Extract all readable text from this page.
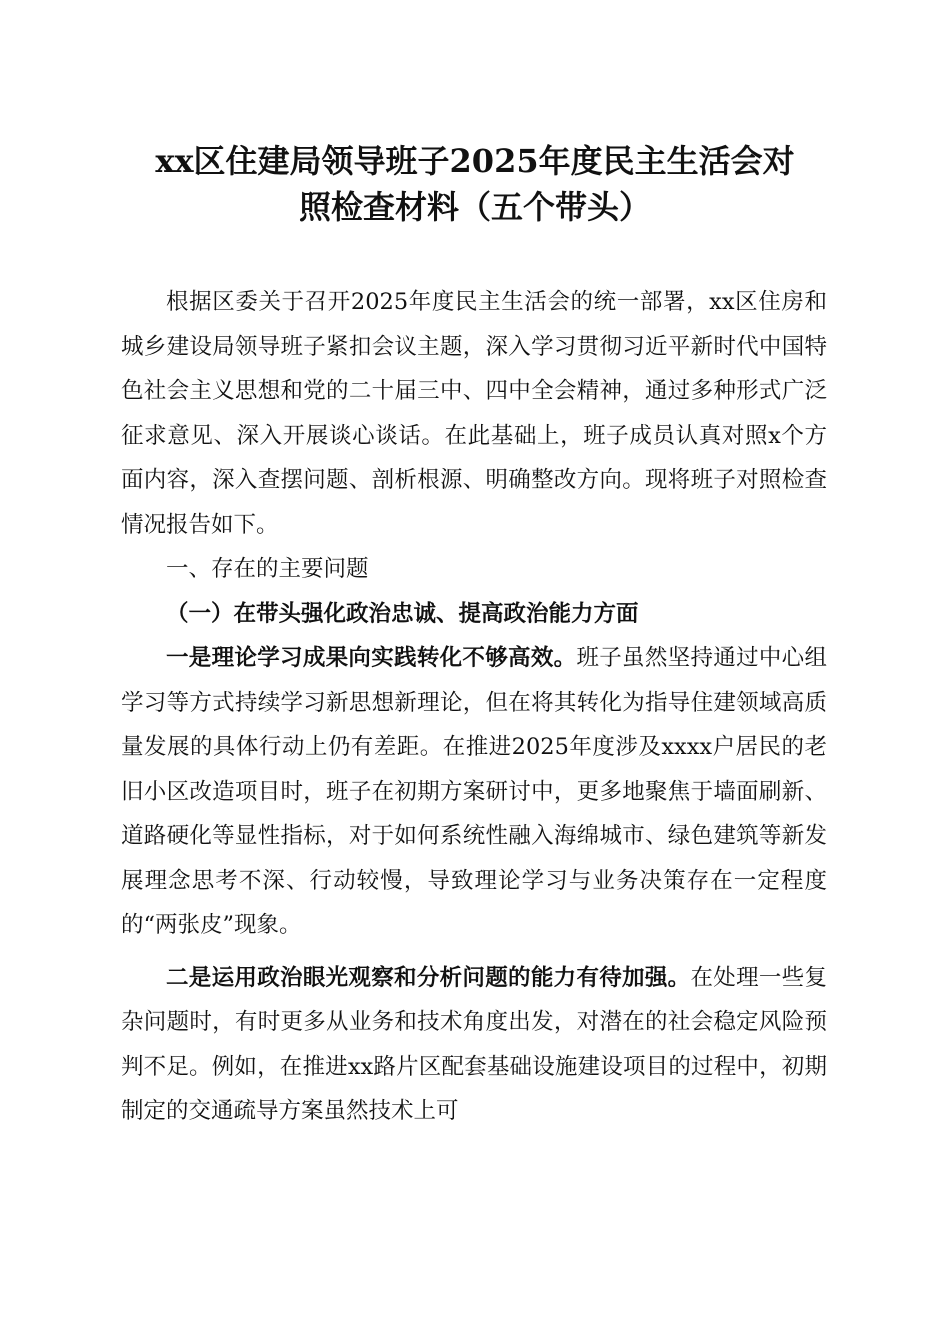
xx区住建局领导班子2025年度民主生活会对
照检查材料（五个带头）

根据区委关于召开2025年度民主生活会的统一部署，xx区住房和城乡建设局领导班子紧扣会议主题，深入学习贯彻习近平新时代中国特色社会主义思想和党的二十届三中、四中全会精神，通过多种形式广泛征求意见、深入开展谈心谈话。在此基础上，班子成员认真对照x个方面内容，深入查摆问题、剖析根源、明确整改方向。现将班子对照检查情况报告如下。

一、存在的主要问题

（一）在带头强化政治忠诚、提高政治能力方面

一是理论学习成果向实践转化不够高效。班子虽然坚持通过中心组学习等方式持续学习新思想新理论，但在将其转化为指导住建领域高质量发展的具体行动上仍有差距。在推进2025年度涉及xxxx户居民的老旧小区改造项目时，班子在初期方案研讨中，更多地聚焦于墙面刷新、道路硬化等显性指标，对于如何系统性融入海绵城市、绿色建筑等新发展理念思考不深、行动较慢，导致理论学习与业务决策存在一定程度的“两张皮”现象。

二是运用政治眼光观察和分析问题的能力有待加强。在处理一些复杂问题时，有时更多从业务和技术角度出发，对潜在的社会稳定风险预判不足。例如，在推进xx路片区配套基础设施建设项目的过程中，初期制定的交通疏导方案虽然技术上可
